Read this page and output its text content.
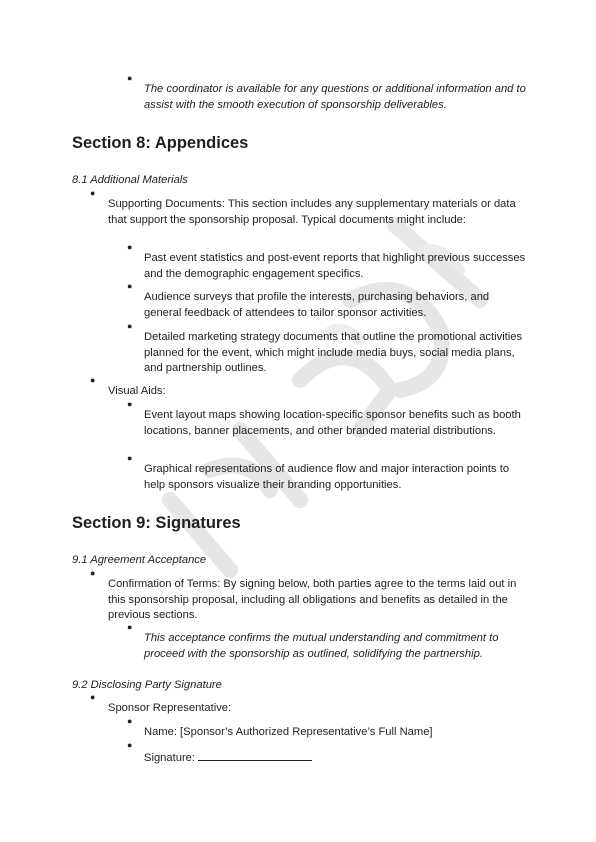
●

The coordinator is available for any questions or additional information and to assist with the smooth execution of sponsorship deliverables.

Section 8: Appendices

8.1 Additional Materials

●

Supporting Documents: This section includes any supplementary materials or data that support the sponsorship proposal. Typical documents might include:

●

Past event statistics and post-event reports that highlight previous successes and the demographic engagement specifics.

●

Audience surveys that profile the interests, purchasing behaviors, and general feedback of attendees to tailor sponsor activities.

●

Detailed marketing strategy documents that outline the promotional activities planned for the event, which might include media buys, social media plans, and partnership outlines.

●

Visual Aids:

●

Event layout maps showing location-specific sponsor benefits such as booth locations, banner placements, and other branded material distributions.

●

Graphical representations of audience flow and major interaction points to help sponsors visualize their branding opportunities.

Section 9: Signatures

9.1 Agreement Acceptance

●

Confirmation of Terms: By signing below, both parties agree to the terms laid out in this sponsorship proposal, including all obligations and benefits as detailed in the previous sections.

●

This acceptance confirms the mutual understanding and commitment to proceed with the sponsorship as outlined, solidifying the partnership.

9.2 Disclosing Party Signature

●

Sponsor Representative:

●

Name: [Sponsor’s Authorized Representative’s Full Name]

●

Signature:
